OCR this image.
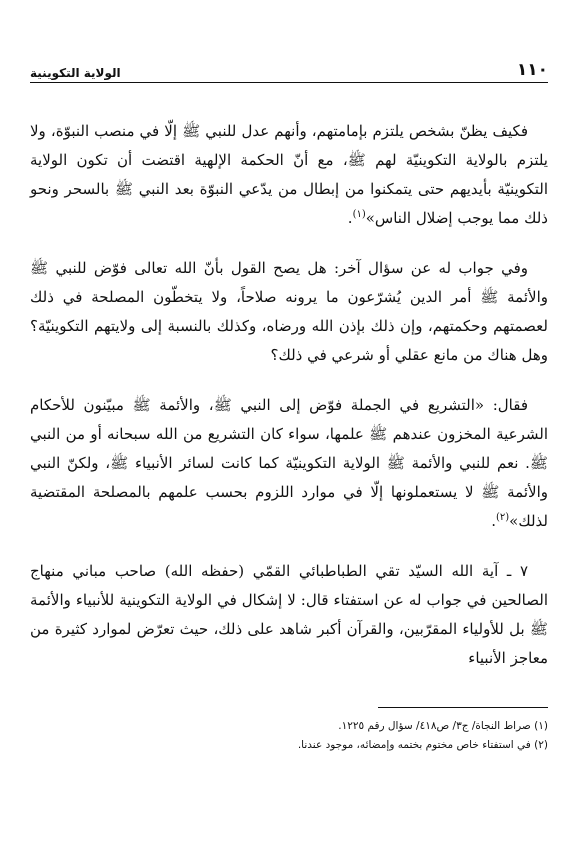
١١٠
الولاية التكوينية

فكيف يظنّ بشخص يلتزم بإمامتهم، وأنهم عدل للنبي ﷺ إلّا في منصب النبوّة، ولا يلتزم بالولاية التكوينيّة لهم ﷺ، مع أنّ الحكمة الإلهية اقتضت أن تكون الولاية التكوينيّة بأيديهم حتى يتمكنوا من إبطال من يدّعي النبوّة بعد النبي ﷺ بالسحر ونحو ذلك مما يوجب إضلال الناس»$^{(١)}$.

وفي جواب له عن سؤال آخر: هل يصح القول بأنّ الله تعالى فوّض للنبي ﷺ والأئمة ﷺ أمر الدين يُشرّعون ما يرونه صلاحاً، ولا يتخطّون المصلحة في ذلك لعصمتهم وحكمتهم، وإن ذلك بإذن الله ورضاه، وكذلك بالنسبة إلى ولايتهم التكوينيّة؟ وهل هناك من مانع عقلي أو شرعي في ذلك؟

فقال: «التشريع في الجملة فوّض إلى النبي ﷺ، والأئمة ﷺ مبيّنون للأحكام الشرعية المخزون عندهم ﷺ علمها، سواء كان التشريع من الله سبحانه أو من النبي ﷺ. نعم للنبي والأئمة ﷺ الولاية التكوينيّة كما كانت لسائر الأنبياء ﷺ، ولكنّ النبي والأئمة ﷺ لا يستعملونها إلّا في موارد اللزوم بحسب علمهم بالمصلحة المقتضية لذلك»$^{(٢)}$.

٧ ـ آية الله السيّد تقي الطباطبائي القمّي (حفظه الله) صاحب مباني منهاج الصالحين في جواب له عن استفتاء قال: لا إشكال في الولاية التكوينية للأنبياء والأئمة ﷺ بل للأولياء المقرّبين، والقرآن أكبر شاهد على ذلك، حيث تعرّض لموارد كثيرة من معاجز الأنبياء

(١) صراط النجاة/ ج٣/ ص٤١٨/ سؤال رقم ١٢٢٥.

(٢) في استفتاء خاص مختوم بختمه وإمضائه، موجود عندنا.
